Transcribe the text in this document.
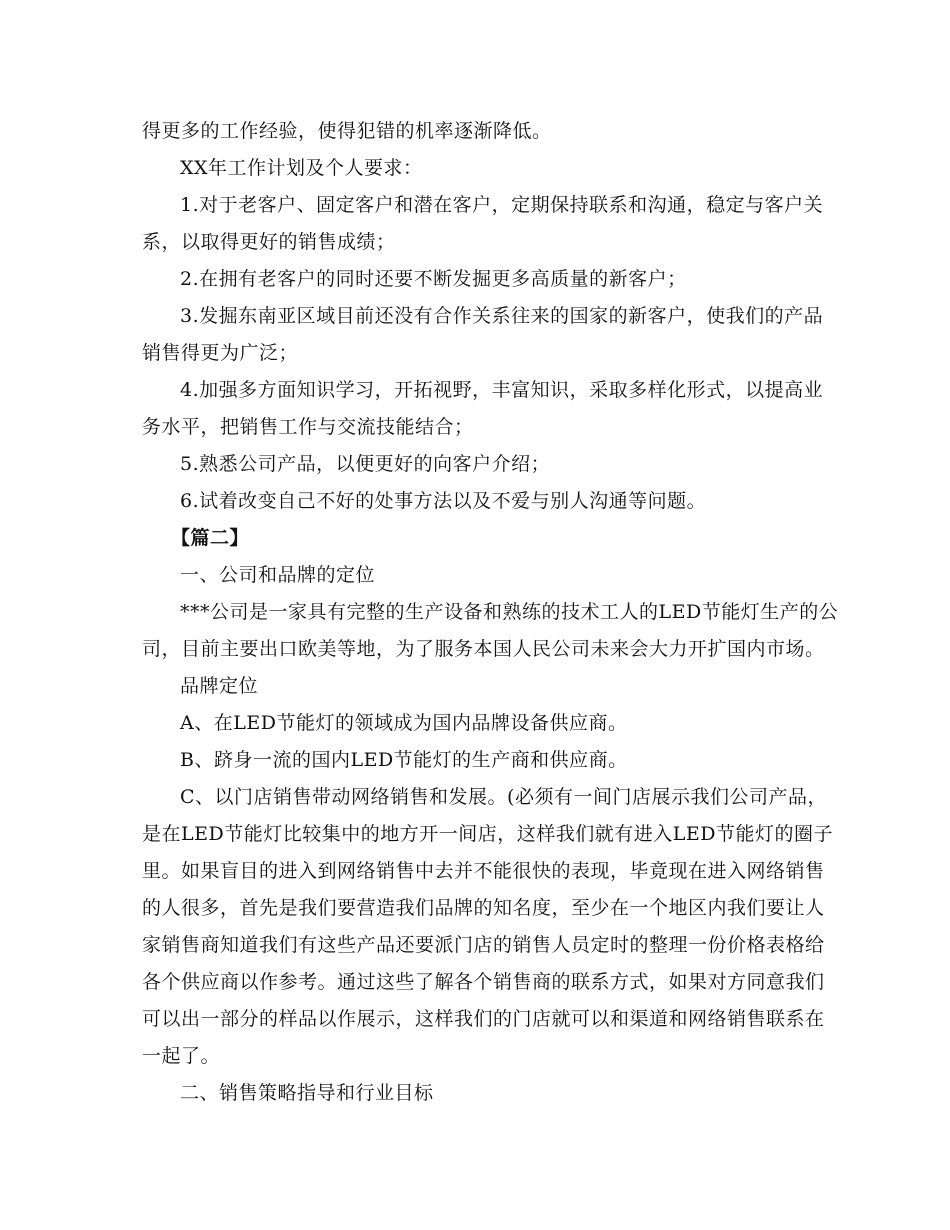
得更多的工作经验，使得犯错的机率逐渐降低。

XX年工作计划及个人要求：

1.对于老客户、固定客户和潜在客户，定期保持联系和沟通，稳定与客户关

系，以取得更好的销售成绩；

2.在拥有老客户的同时还要不断发掘更多高质量的新客户；

3.发掘东南亚区域目前还没有合作关系往来的国家的新客户，使我们的产品

销售得更为广泛；

4.加强多方面知识学习，开拓视野，丰富知识，采取多样化形式，以提高业

务水平，把销售工作与交流技能结合；

5.熟悉公司产品，以便更好的向客户介绍；

6.试着改变自己不好的处事方法以及不爱与别人沟通等问题。

【篇二】

一、公司和品牌的定位

***公司是一家具有完整的生产设备和熟练的技术工人的LED节能灯生产的公

司，目前主要出口欧美等地，为了服务本国人民公司未来会大力开扩国内市场。

品牌定位

A、在LED节能灯的领域成为国内品牌设备供应商。

B、跻身一流的国内LED节能灯的生产商和供应商。

C、以门店销售带动网络销售和发展。(必须有一间门店展示我们公司产品，

是在LED节能灯比较集中的地方开一间店，这样我们就有进入LED节能灯的圈子

里。如果盲目的进入到网络销售中去并不能很快的表现，毕竟现在进入网络销售

的人很多，首先是我们要营造我们品牌的知名度，至少在一个地区内我们要让人

家销售商知道我们有这些产品还要派门店的销售人员定时的整理一份价格表格给

各个供应商以作参考。通过这些了解各个销售商的联系方式，如果对方同意我们

可以出一部分的样品以作展示，这样我们的门店就可以和渠道和网络销售联系在

一起了。

二、销售策略指导和行业目标
